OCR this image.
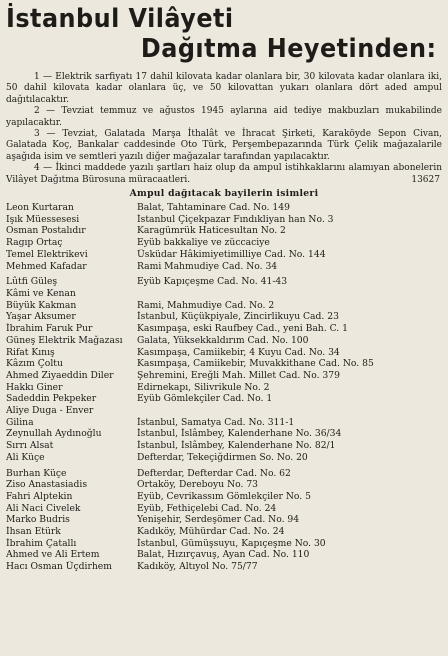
İstanbul Vilâyeti
Dağıtma Heyetinden:

1 — Elektrik sarfiyatı 17 dahil kilovata kadar olanlara bir, 30 kilovata kadar olanlara iki, 50 dahil kilovata kadar olanlara üç, ve 50 kilovattan yukarı olanlara dört aded ampul dağıtılacaktır.

2 — Tevziat temmuz ve ağustos 1945 aylarına aid tediye makbuzları mukabilinde yapılacaktır.

3 — Tevziat, Galatada Marşa İthalât ve İhracat Şirketi, Karaköyde Sepon Civan, Galatada Koç, Bankalar caddesinde Oto Türk, Perşembepazarında Türk Çelik mağazalarile aşağıda isim ve semtleri yazılı diğer mağazalar tarafından yapılacaktır.

4 — İkinci maddede yazılı şartları haiz olup da ampul istihkaklarını alamıyan abonelerin Vilâyet Dağıtma Bürosuna müracaatleri.	13627
Ampul dağıtacak bayilerin isimleri
Leon Kurtaran	Balat, Tahtaminare Cad. No. 149
Işık Müessesesi	İstanbul Çiçekpazar Fındıkliyan han No. 3
Osman Postalıdır	Karagümrük Haticesultan No. 2
Ragıp Ortaç	Eyüb bakkaliye ve züccaciye
Temel Elektrikevi	Üsküdar Hâkimiyetimilliye Cad. No. 144
Mehmed Kafadar	Rami Mahmudiye Cad. No. 34
Lûtfi Güleş	Eyüb Kapıçeşme Cad. No. 41-43
Kâmi ve Kenan
Büyük Kakman	Rami, Mahmudiye Cad. No. 2
Yaşar Aksumer	İstanbul, Küçükpiyale, Zincirlikuyu Cad. 23
İbrahim Faruk Pur	Kasımpaşa, eski Raufbey Cad., yeni Bah. C. 1
Güneş Elektrik Mağazası	Galata, Yüksekkaldırım Cad. No. 100
Rifat Kınış	Kasımpaşa, Camiikebir, 4 Kuyu Cad. No. 34
Kâzım Çoltu	Kasımpaşa, Camiikebir, Muvakkithane Cad. No. 85
Ahmed Ziyaeddin Diler	Şehremini, Ereğli Mah. Millet Cad. No. 379
Hakkı Giner	Edirnekapı, Silivrikule No. 2
Sadeddin Pekpeker	Eyüb Gömlekçiler Cad. No. 1
Aliye Duga - Enver
Gilina	İstanbul, Samatya Cad. No. 311-1
Zeynullah Aydınoğlu	İstanbul, İslâmbey, Kalenderhane No. 36/34
Sırrı Alsat	İstanbul, İslâmbey, Kalenderhane No. 82/1
Ali Küçe	Defterdar, Tekeçiğdirmen So. No. 20
Burhan Küçe	Defterdar, Defterdar Cad. No. 62
Ziso Anastasiadis	Ortaköy, Dereboyu No. 73
Fahri Alptekin	Eyüb, Cevrikassım Gömlekçiler No. 5
Ali Naci Civelek	Eyüb, Fethiçelebi Cad. No. 24
Marko Budris	Yenişehir, Serdeşömer Cad. No. 94
İhsan Etürk	Kadıköy, Mühürdar Cad. No. 24
İbrahim Çatallı	İstanbul, Gümüşsuyu, Kapıçeşme No. 30
Ahmed ve Ali Ertem	Balat, Hızırçavuş, Ayan Cad. No. 110
Hacı Osman Üçdirhem	Kadıköy, Altıyol No. 75/77
